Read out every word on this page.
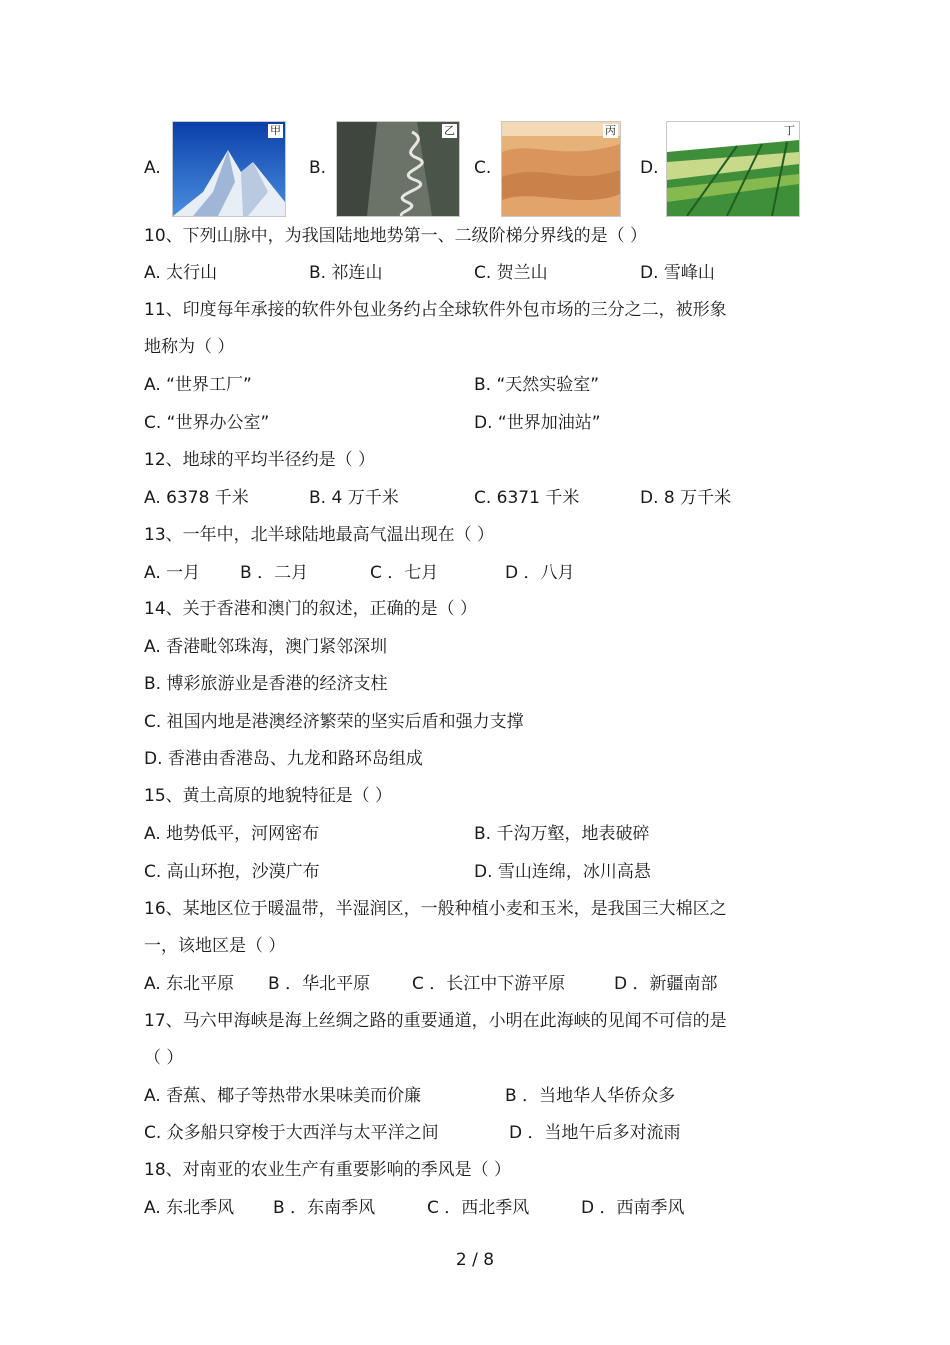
A.
甲
B.
乙
C.
丙
D.
丁
10、下列山脉中，为我国陆地地势第一、二级阶梯分界线的是（ ）
A. 太行山	B. 祁连山	C. 贺兰山	D. 雪峰山
11、印度每年承接的软件外包业务约占全球软件外包市场的三分之二，被形象
地称为（ ）
A. “世界工厂”	B. “天然实验室”
C. “世界办公室”	D. “世界加油站”
12、地球的平均半径约是（ ）
A. 6378 千米	B. 4 万千米	C. 6371 千米	D. 8 万千米
13、一年中，北半球陆地最高气温出现在（ ）
A. 一月 B ．二月	C ．七月	D ．八月
14、关于香港和澳门的叙述，正确的是（ ）
A. 香港毗邻珠海，澳门紧邻深圳
B. 博彩旅游业是香港的经济支柱
C. 祖国内地是港澳经济繁荣的坚实后盾和强力支撑
D. 香港由香港岛、九龙和路环岛组成
15、黄土高原的地貌特征是（ ）
A. 地势低平，河网密布	B. 千沟万壑，地表破碎
C. 高山环抱，沙漠广布	D. 雪山连绵，冰川高悬
16、某地区位于暖温带，半湿润区，一般种植小麦和玉米，是我国三大棉区之
一，该地区是（ ）
A. 东北平原 B ．华北平原 C ．长江中下游平原	D ．新疆南部
17、马六甲海峡是海上丝绸之路的重要通道，小明在此海峡的见闻不可信的是
（ ）
A. 香蕉、椰子等热带水果味美而价廉	B ．当地华人华侨众多
C. 众多船只穿梭于大西洋与太平洋之间	D ．当地午后多对流雨
18、对南亚的农业生产有重要影响的季风是（ ）
A. 东北季风 B ．东南季风	C ．西北季风	D ．西南季风
2 / 8
